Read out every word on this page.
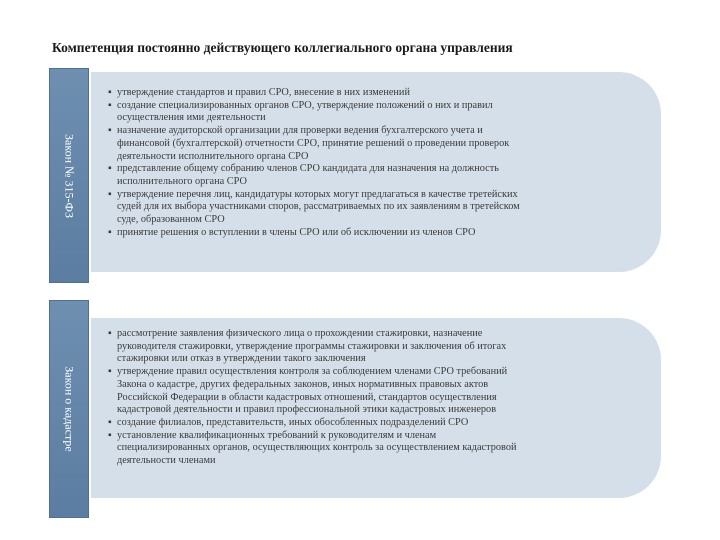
Компетенция постоянно действующего коллегиального органа управления
Закон № 315-ФЗ
▪ утверждение стандартов и правил СРО, внесение в них изменений
▪ создание специализированных органов СРО, утверждение положений о них и правил
осуществления ими деятельности
▪ назначение аудиторской организации для проверки ведения бухгалтерского учета и
финансовой (бухгалтерской) отчетности СРО, принятие решений о проведении проверок
деятельности исполнительного органа СРО
▪ представление общему собранию членов СРО кандидата для назначения на должность
исполнительного органа СРО
▪ утверждение перечня лиц, кандидатуры которых могут предлагаться в качестве третейских
судей для их выбора участниками споров, рассматриваемых по их заявлениям в третейском
суде, образованном СРО
▪ принятие решения о вступлении в члены СРО или об исключении из членов СРО
Закон о кадастре
▪ рассмотрение заявления физического лица о прохождении стажировки, назначение
руководителя стажировки, утверждение программы стажировки и заключения об итогах
стажировки или отказ в утверждении такого заключения
▪ утверждение правил осуществления контроля за соблюдением членами СРО требований
Закона о кадастре, других федеральных законов, иных нормативных правовых актов
Российской Федерации в области кадастровых отношений, стандартов осуществления
кадастровой деятельности и правил профессиональной этики кадастровых инженеров
▪ создание филиалов, представительств, иных обособленных подразделений СРО
▪ установление квалификационных требований к руководителям и членам
специализированных органов, осуществляющих контроль за осуществлением кадастровой
деятельности членами
